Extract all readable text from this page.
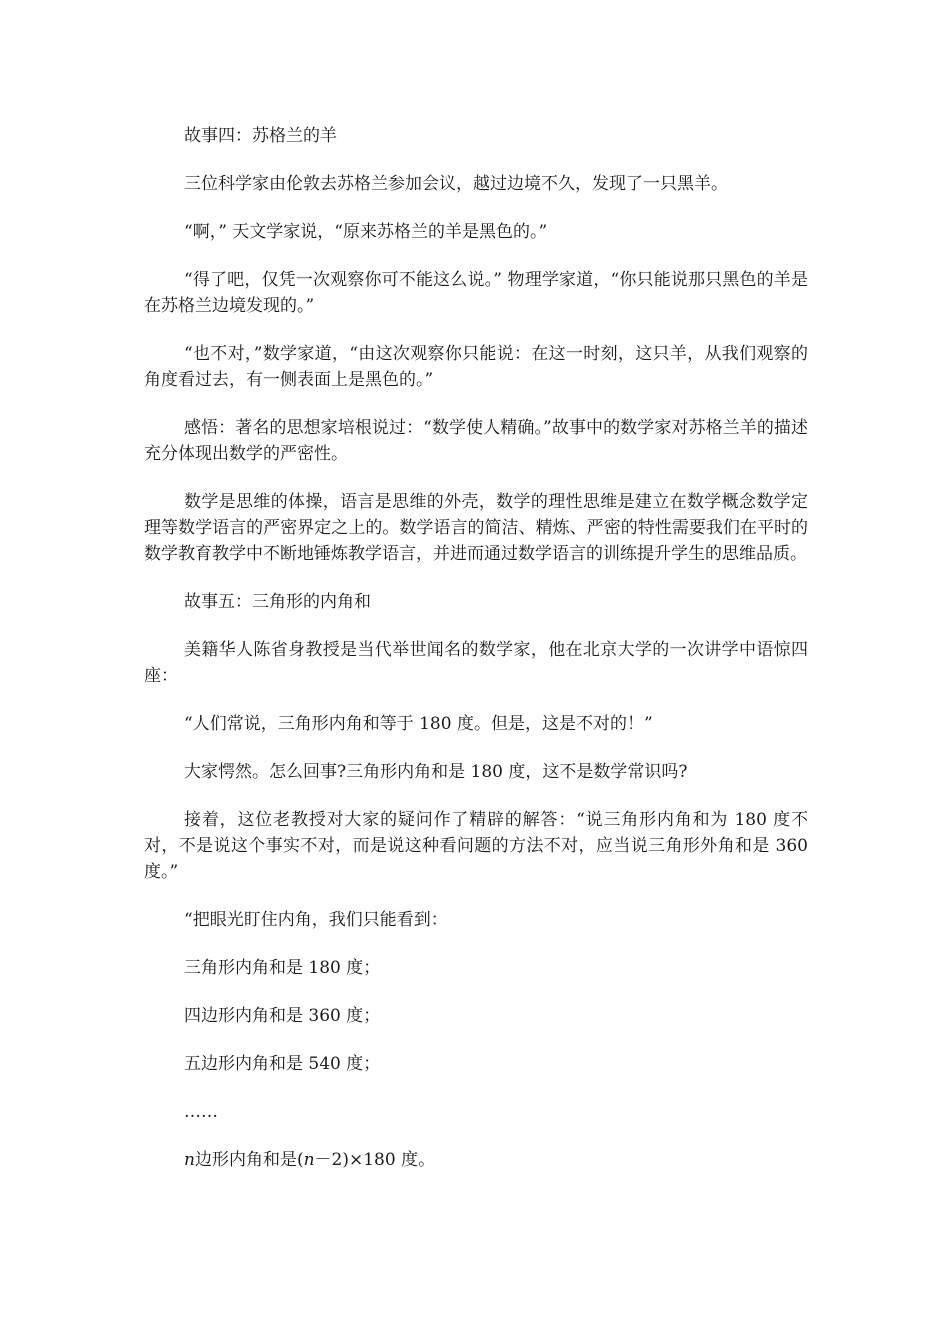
故事四：苏格兰的羊

三位科学家由伦敦去苏格兰参加会议，越过边境不久，发现了一只黑羊。

“啊，” 天文学家说，“原来苏格兰的羊是黑色的。”

“得了吧，仅凭一次观察你可不能这么说。” 物理学家道，“你只能说那只黑色的羊是在苏格兰边境发现的。”

“也不对，”数学家道，“由这次观察你只能说：在这一时刻，这只羊，从我们观察的角度看过去，有一侧表面上是黑色的。”

感悟：著名的思想家培根说过：“数学使人精确。”故事中的数学家对苏格兰羊的描述充分体现出数学的严密性。

数学是思维的体操，语言是思维的外壳，数学的理性思维是建立在数学概念数学定理等数学语言的严密界定之上的。数学语言的简洁、精炼、严密的特性需要我们在平时的数学教育教学中不断地锤炼教学语言，并进而通过数学语言的训练提升学生的思维品质。

故事五：三角形的内角和

美籍华人陈省身教授是当代举世闻名的数学家，他在北京大学的一次讲学中语惊四座：

“人们常说，三角形内角和等于 180 度。但是，这是不对的！”

大家愕然。怎么回事?三角形内角和是 180 度，这不是数学常识吗?

接着，这位老教授对大家的疑问作了精辟的解答：“说三角形内角和为 180 度不对，不是说这个事实不对，而是说这种看问题的方法不对，应当说三角形外角和是 360 度。”

“把眼光盯住内角，我们只能看到：

三角形内角和是 180 度；

四边形内角和是 360 度；

五边形内角和是 540 度；

……

n边形内角和是(n－2)×180 度。
